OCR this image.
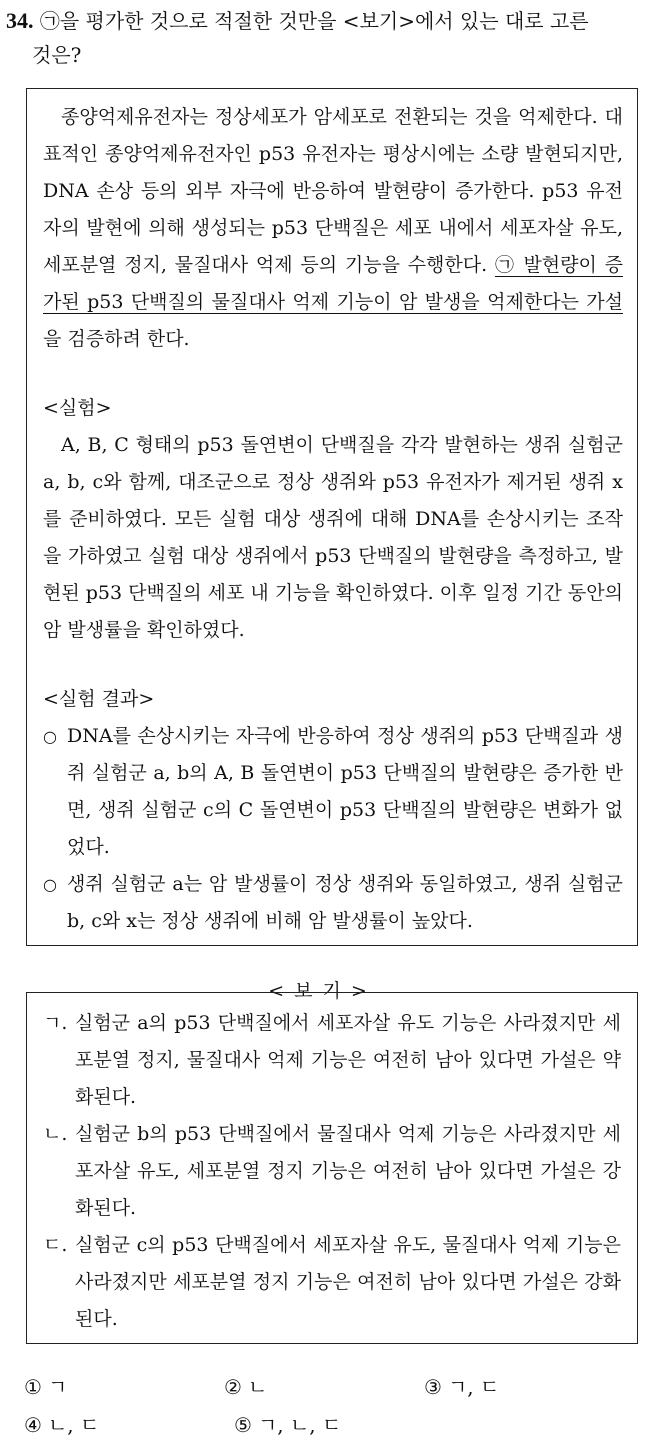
34. ㉠을 평가한 것으로 적절한 것만을 <보기>에서 있는 대로 고른
것은?

종양억제유전자는 정상세포가 암세포로 전환되는 것을 억제한다. 대표적인 종양억제유전자인 p53 유전자는 평상시에는 소량 발현되지만, DNA 손상 등의 외부 자극에 반응하여 발현량이 증가한다. p53 유전자의 발현에 의해 생성되는 p53 단백질은 세포 내에서 세포자살 유도, 세포분열 정지, 물질대사 억제 등의 기능을 수행한다. ㉠ 발현량이 증가된 p53 단백질의 물질대사 억제 기능이 암 발생을 억제한다는 가설을 검증하려 한다.

<실험>

A, B, C 형태의 p53 돌연변이 단백질을 각각 발현하는 생쥐 실험군 a, b, c와 함께, 대조군으로 정상 생쥐와 p53 유전자가 제거된 생쥐 x를 준비하였다. 모든 실험 대상 생쥐에 대해 DNA를 손상시키는 조작을 가하였고 실험 대상 생쥐에서 p53 단백질의 발현량을 측정하고, 발현된 p53 단백질의 세포 내 기능을 확인하였다. 이후 일정 기간 동안의 암 발생률을 확인하였다.

<실험 결과>
○ DNA를 손상시키는 자극에 반응하여 정상 생쥐의 p53 단백질과 생쥐 실험군 a, b의 A, B 돌연변이 p53 단백질의 발현량은 증가한 반면, 생쥐 실험군 c의 C 돌연변이 p53 단백질의 발현량은 변화가 없었다.
○ 생쥐 실험군 a는 암 발생률이 정상 생쥐와 동일하였고, 생쥐 실험군 b, c와 x는 정상 생쥐에 비해 암 발생률이 높았다.
<보기>
ㄱ. 실험군 a의 p53 단백질에서 세포자살 유도 기능은 사라졌지만 세포분열 정지, 물질대사 억제 기능은 여전히 남아 있다면 가설은 약화된다.
ㄴ. 실험군 b의 p53 단백질에서 물질대사 억제 기능은 사라졌지만 세포자살 유도, 세포분열 정지 기능은 여전히 남아 있다면 가설은 강화된다.
ㄷ. 실험군 c의 p53 단백질에서 세포자살 유도, 물질대사 억제 기능은 사라졌지만 세포분열 정지 기능은 여전히 남아 있다면 가설은 강화된다.
① ㄱ	② ㄴ	③ ㄱ, ㄷ
④ ㄴ, ㄷ	⑤ ㄱ, ㄴ, ㄷ
